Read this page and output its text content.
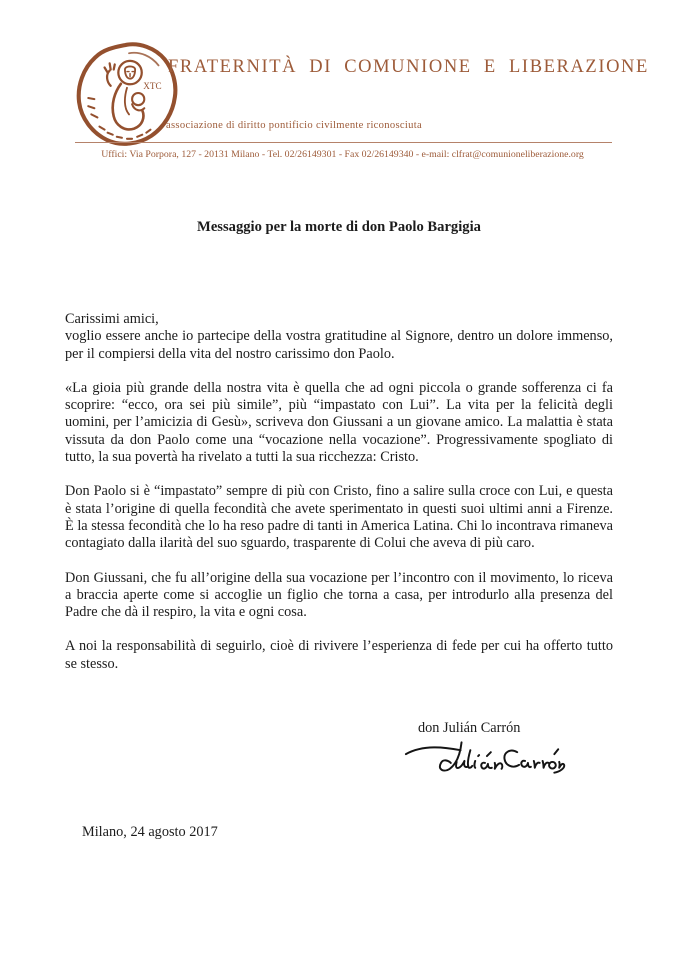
XTC
FRATERNITÀ DI COMUNIONE E LIBERAZIONE
associazione di diritto pontificio civilmente riconosciuta
Uffici: Via Porpora, 127 - 20131 Milano - Tel. 02/26149301 - Fax 02/26149340 - e-mail: clfrat@comunioneliberazione.org
Messaggio per la morte di don Paolo Bargigia
Carissimi amici,

voglio essere anche io partecipe della vostra gratitudine al Signore, dentro un dolore immenso, per il compiersi della vita del nostro carissimo don Paolo.

«La gioia più grande della nostra vita è quella che ad ogni piccola o grande sofferenza ci fa scoprire: “ecco, ora sei più simile”, più “impastato con Lui”. La vita per la felicità degli uomini, per l’amicizia di Gesù», scriveva don Giussani a un giovane amico. La malattia è stata vissuta da don Paolo come una “vocazione nella vocazione”. Progressivamente spogliato di tutto, la sua povertà ha rivelato a tutti la sua ricchezza: Cristo.

Don Paolo si è “impastato” sempre di più con Cristo, fino a salire sulla croce con Lui, e questa è stata l’origine di quella fecondità che avete sperimentato in questi suoi ultimi anni a Firenze. È la stessa fecondità che lo ha reso padre di tanti in America Latina. Chi lo incontrava rimaneva contagiato dalla ilarità del suo sguardo, trasparente di Colui che aveva di più caro.

Don Giussani, che fu all’origine della sua vocazione per l’incontro con il movimento, lo riceva a braccia aperte come si accoglie un figlio che torna a casa, per introdurlo alla presenza del Padre che dà il respiro, la vita e ogni cosa.

A noi la responsabilità di seguirlo, cioè di rivivere l’esperienza di fede per cui ha offerto tutto se stesso.

don Julián Carrón
Milano, 24 agosto 2017
